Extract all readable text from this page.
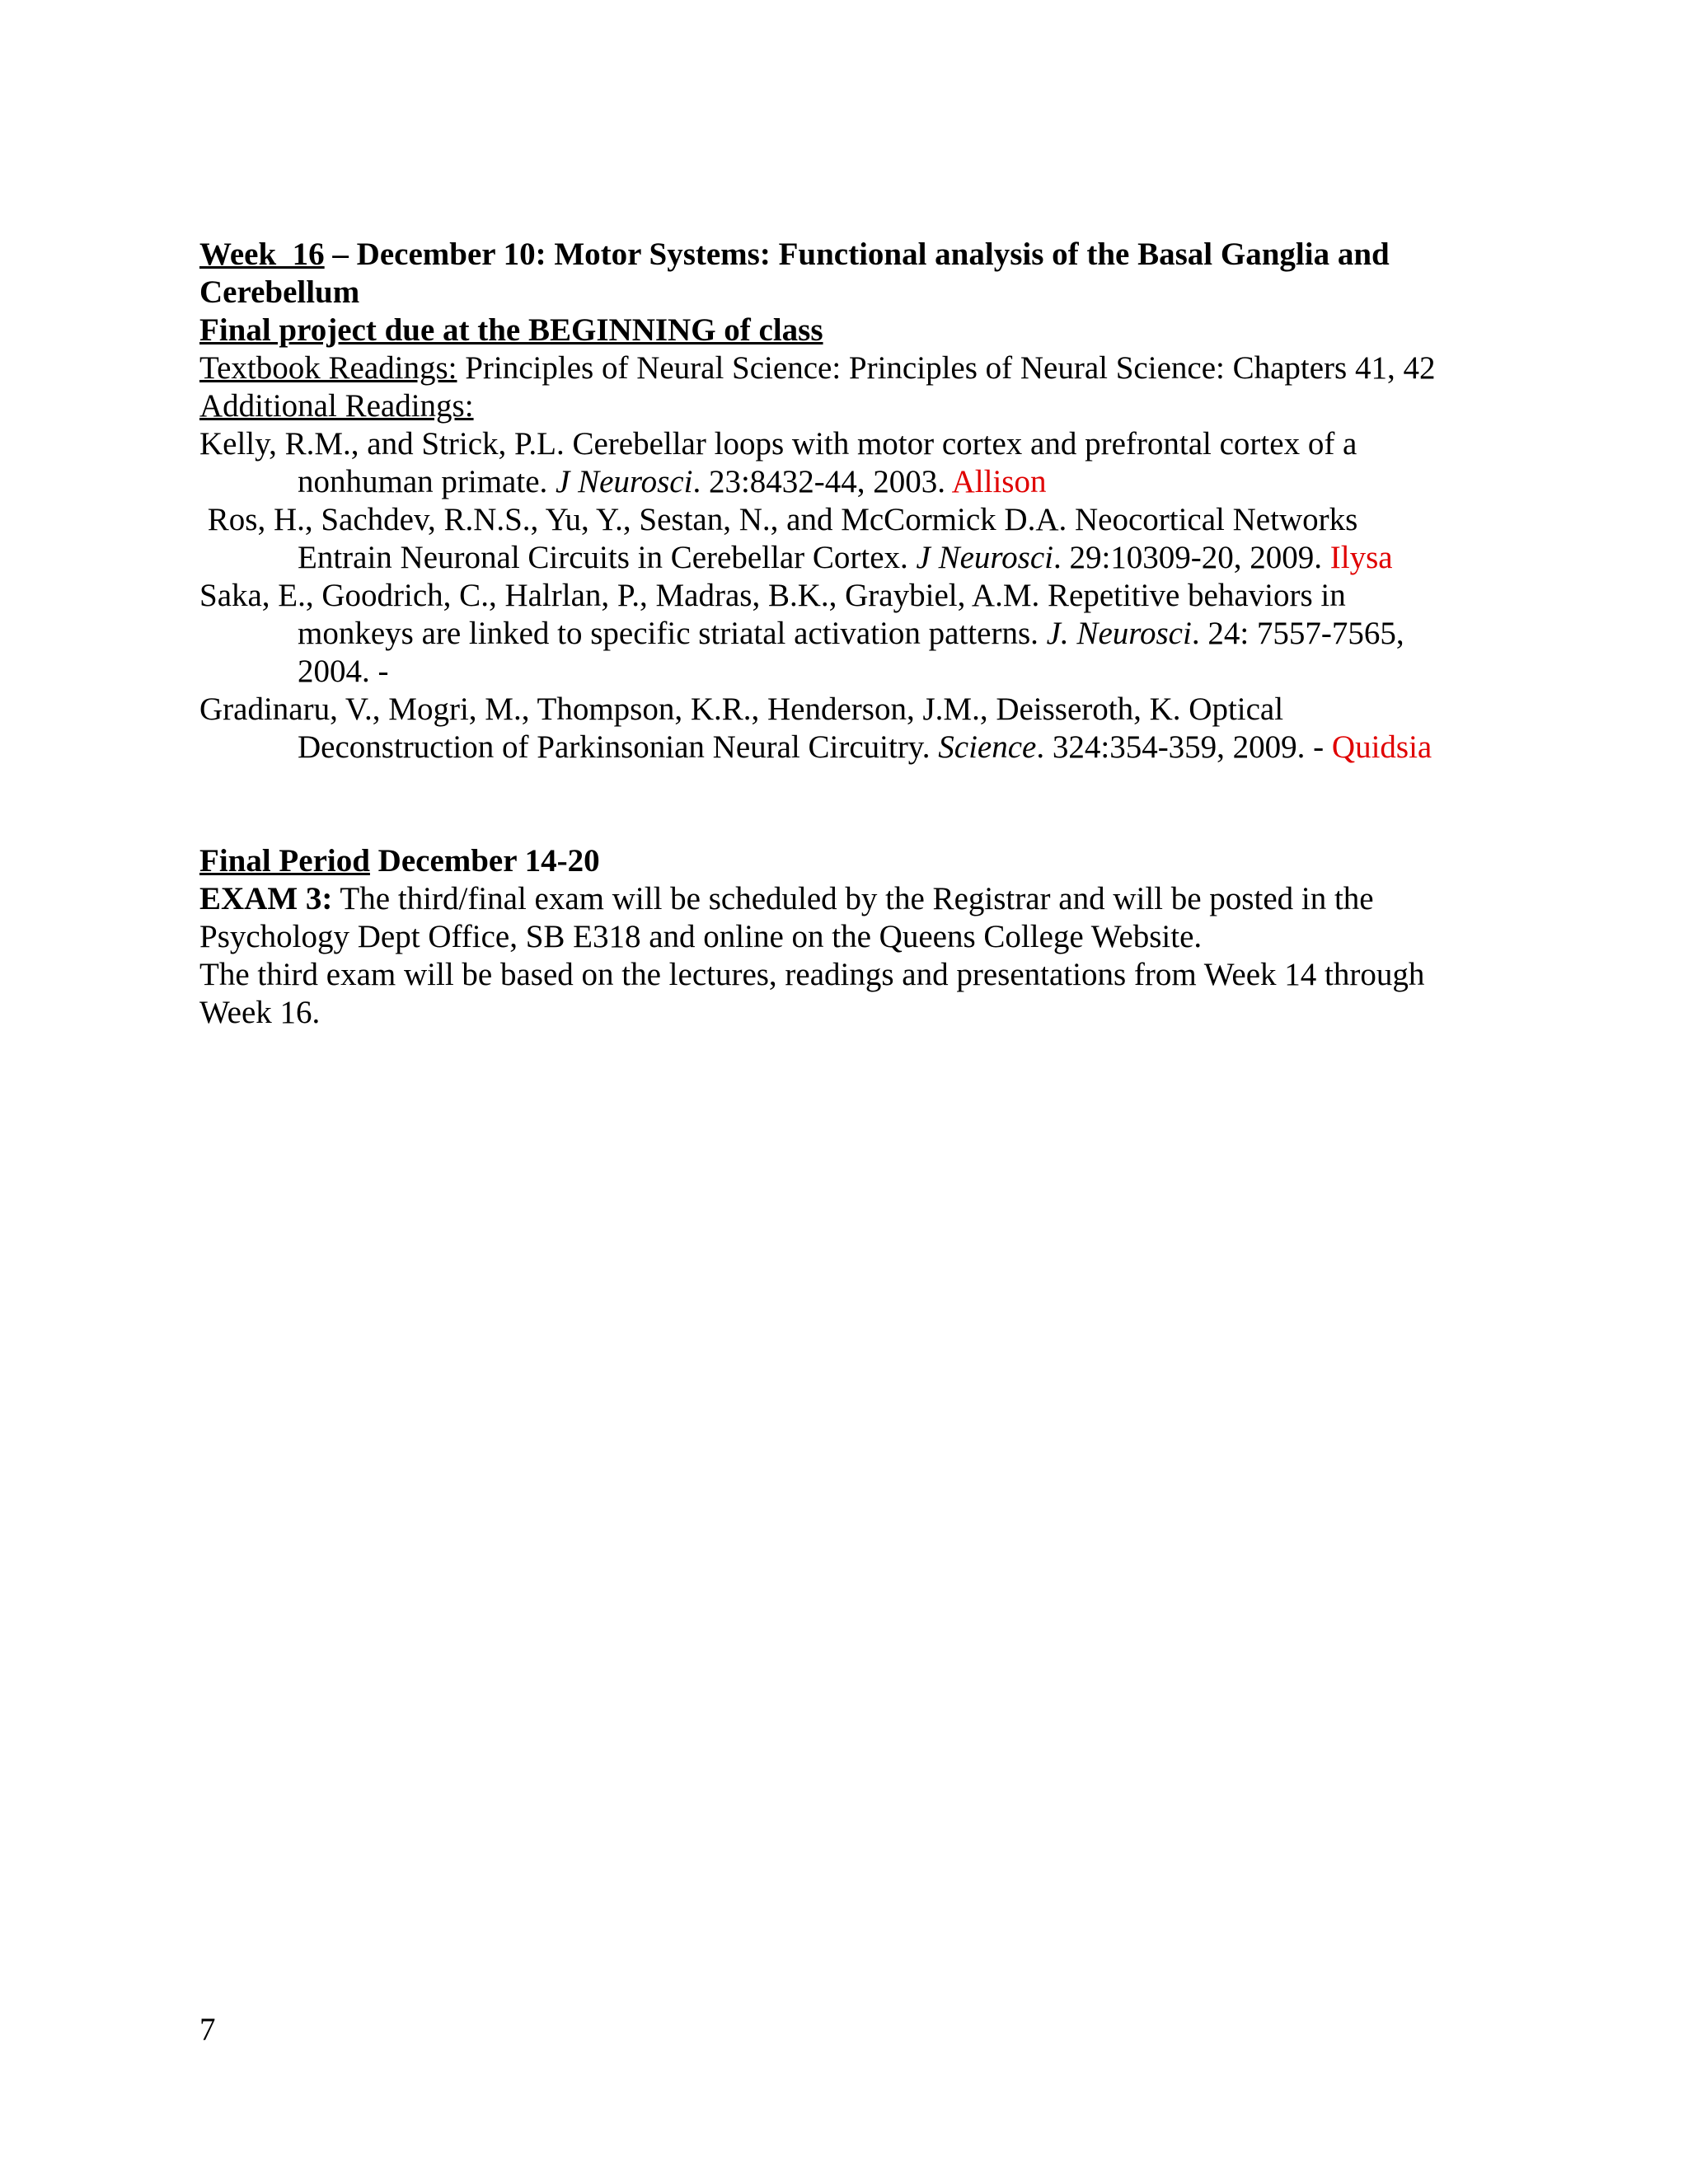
Week  16 – December 10: Motor Systems: Functional analysis of the Basal Ganglia and
Cerebellum
Final project due at the BEGINNING of class
Textbook Readings: Principles of Neural Science: Principles of Neural Science: Chapters 41, 42
Additional Readings:
Kelly, R.M., and Strick, P.L. Cerebellar loops with motor cortex and prefrontal cortex of a
nonhuman primate. J Neurosci. 23:8432-44, 2003. Allison
Ros, H., Sachdev, R.N.S., Yu, Y., Sestan, N., and McCormick D.A. Neocortical Networks
Entrain Neuronal Circuits in Cerebellar Cortex. J Neurosci. 29:10309-20, 2009. Ilysa
Saka, E., Goodrich, C., Halrlan, P., Madras, B.K., Graybiel, A.M. Repetitive behaviors in
monkeys are linked to specific striatal activation patterns. J. Neurosci. 24: 7557-7565,
2004. -
Gradinaru, V., Mogri, M., Thompson, K.R., Henderson, J.M., Deisseroth, K. Optical
Deconstruction of Parkinsonian Neural Circuitry. Science. 324:354-359, 2009. - Quidsia
Final Period December 14-20
EXAM 3: The third/final exam will be scheduled by the Registrar and will be posted in the
Psychology Dept Office, SB E318 and online on the Queens College Website.
The third exam will be based on the lectures, readings and presentations from Week 14 through
Week 16.
7
